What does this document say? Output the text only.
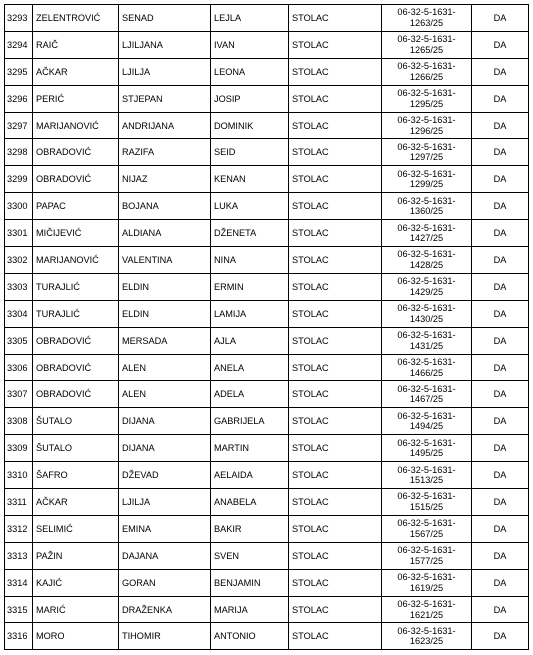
3293	ZELENTROVIĆ	SENAD	LEJLA	STOLAC	06-32-5-1631-1263/25	DA
3294	RAIČ	LJILJANA	IVAN	STOLAC	06-32-5-1631-1265/25	DA
3295	AČKAR	LJILJA	LEONA	STOLAC	06-32-5-1631-1266/25	DA
3296	PERIĆ	STJEPAN	JOSIP	STOLAC	06-32-5-1631-1295/25	DA
3297	MARIJANOVIĆ	ANDRIJANA	DOMINIK	STOLAC	06-32-5-1631-1296/25	DA
3298	OBRADOVIĆ	RAZIFA	SEID	STOLAC	06-32-5-1631-1297/25	DA
3299	OBRADOVIĆ	NIJAZ	KENAN	STOLAC	06-32-5-1631-1299/25	DA
3300	PAPAC	BOJANA	LUKA	STOLAC	06-32-5-1631-1360/25	DA
3301	MIČIJEVIĆ	ALDIANA	DŽENETA	STOLAC	06-32-5-1631-1427/25	DA
3302	MARIJANOVIĆ	VALENTINA	NINA	STOLAC	06-32-5-1631-1428/25	DA
3303	TURAJLIĆ	ELDIN	ERMIN	STOLAC	06-32-5-1631-1429/25	DA
3304	TURAJLIĆ	ELDIN	LAMIJA	STOLAC	06-32-5-1631-1430/25	DA
3305	OBRADOVIĆ	MERSADA	AJLA	STOLAC	06-32-5-1631-1431/25	DA
3306	OBRADOVIĆ	ALEN	ANELA	STOLAC	06-32-5-1631-1466/25	DA
3307	OBRADOVIĆ	ALEN	ADELA	STOLAC	06-32-5-1631-1467/25	DA
3308	ŠUTALO	DIJANA	GABRIJELA	STOLAC	06-32-5-1631-1494/25	DA
3309	ŠUTALO	DIJANA	MARTIN	STOLAC	06-32-5-1631-1495/25	DA
3310	ŠAFRO	DŽEVAD	AELAIDA	STOLAC	06-32-5-1631-1513/25	DA
3311	AČKAR	LJILJA	ANABELA	STOLAC	06-32-5-1631-1515/25	DA
3312	SELIMIĆ	EMINA	BAKIR	STOLAC	06-32-5-1631-1567/25	DA
3313	PAŽIN	DAJANA	SVEN	STOLAC	06-32-5-1631-1577/25	DA
3314	KAJIĆ	GORAN	BENJAMIN	STOLAC	06-32-5-1631-1619/25	DA
3315	MARIĆ	DRAŽENKA	MARIJA	STOLAC	06-32-5-1631-1621/25	DA
3316	MORO	TIHOMIR	ANTONIO	STOLAC	06-32-5-1631-1623/25	DA
